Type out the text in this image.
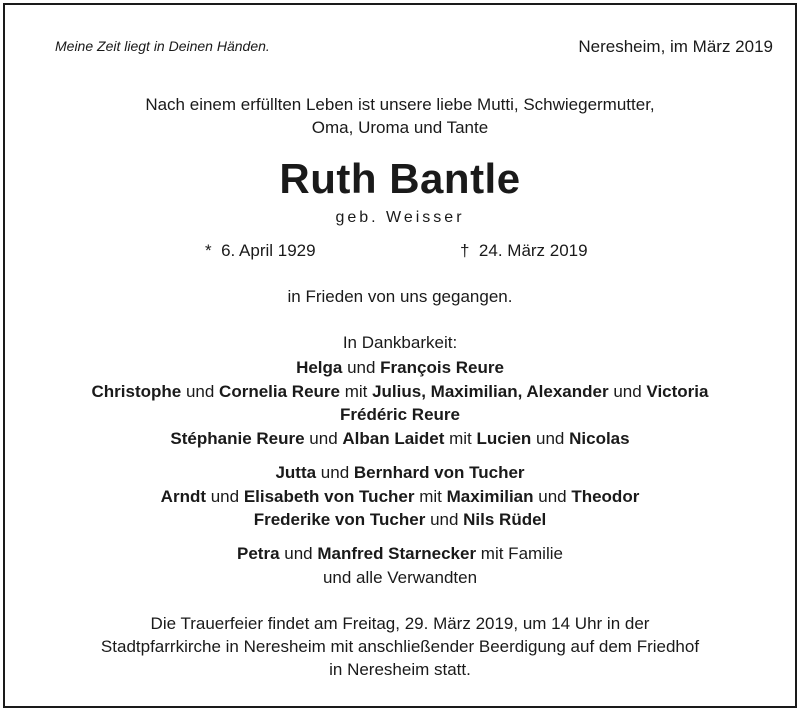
Meine Zeit liegt in Deinen Händen.	Neresheim, im März 2019
Nach einem erfüllten Leben ist unsere liebe Mutti, Schwiegermutter,
Oma, Uroma und Tante
Ruth Bantle
geb. Weisser
* 6. April 1929	† 24. März 2019
in Frieden von uns gegangen.
In Dankbarkeit:
Helga und François Reure
Christophe und Cornelia Reure mit Julius, Maximilian, Alexander und Victoria
Frédéric Reure
Stéphanie Reure und Alban Laidet mit Lucien und Nicolas
Jutta und Bernhard von Tucher
Arndt und Elisabeth von Tucher mit Maximilian und Theodor
Frederike von Tucher und Nils Rüdel
Petra und Manfred Starnecker mit Familie
und alle Verwandten
Die Trauerfeier findet am Freitag, 29. März 2019, um 14 Uhr in der
Stadtpfarrkirche in Neresheim mit anschließender Beerdigung auf dem Friedhof
in Neresheim statt.
